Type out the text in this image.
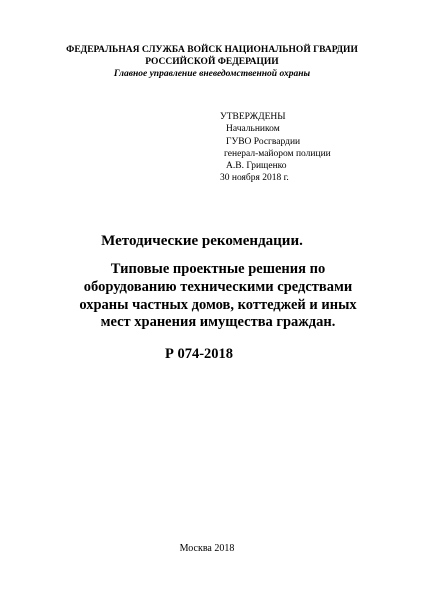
ФЕДЕРАЛЬНАЯ СЛУЖБА ВОЙСК НАЦИОНАЛЬНОЙ ГВАРДИИ
РОССИЙСКОЙ ФЕДЕРАЦИИ
Главное управление вневедомственной охраны
УТВЕРЖДЕНЫ
Начальником
ГУВО Росгвардии
генерал-майором полиции
А.В. Грищенко
30 ноября 2018 г.
Методические рекомендации.
Типовые проектные решения по
оборудованию техническими средствами
охраны частных домов, коттеджей и иных
мест хранения имущества граждан.
Р 074-2018
Москва 2018
